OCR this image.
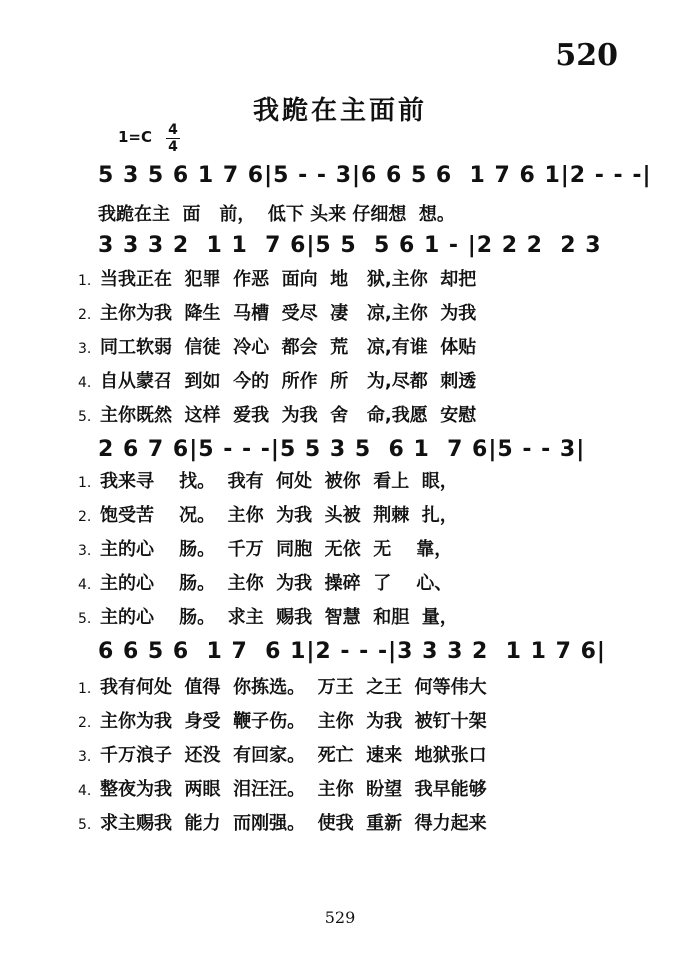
520
我跪在主面前
1=C 4
4
5 3 5 6 1 7 6|5 - - 3|6 6 5 6  1 7 6 1|2 - - -|
我跪在主  面   前，  低下 头来 仔细想  想。
3 3 3 2  1 1  7 6|5 5  5 6 1 - |2 2 2  2 3
1. 当我正在  犯罪  作恶  面向  地   狱,主你  却把
2. 主你为我  降生  马槽  受尽  凄   凉,主你  为我
3. 同工软弱  信徒  冷心  都会  荒   凉,有谁  体贴
4. 自从蒙召  到如  今的  所作  所   为,尽都  刺透
5. 主你既然  这样  爱我  为我  舍   命,我愿  安慰
2 6 7 6|5 - - -|5 5 3 5  6 1  7 6|5 - - 3|
1. 我来寻    找。  我有  何处  被你  看上  眼，
2. 饱受苦    况。  主你  为我  头被  荆棘  扎，
3. 主的心    肠。  千万  同胞  无依  无    靠，
4. 主的心    肠。  主你  为我  操碎  了    心、
5. 主的心    肠。  求主  赐我  智慧  和胆  量，
6 6 5 6  1 7  6 1|2 - - -|3 3 3 2  1 1 7 6|
1. 我有何处  值得  你拣选。  万王  之王  何等伟大
2. 主你为我  身受  鞭子伤。  主你  为我  被钉十架
3. 千万浪子  还没  有回家。  死亡  速来  地狱张口
4. 整夜为我  两眼  泪汪汪。  主你  盼望  我早能够
5. 求主赐我  能力  而刚强。  使我  重新  得力起来
529
